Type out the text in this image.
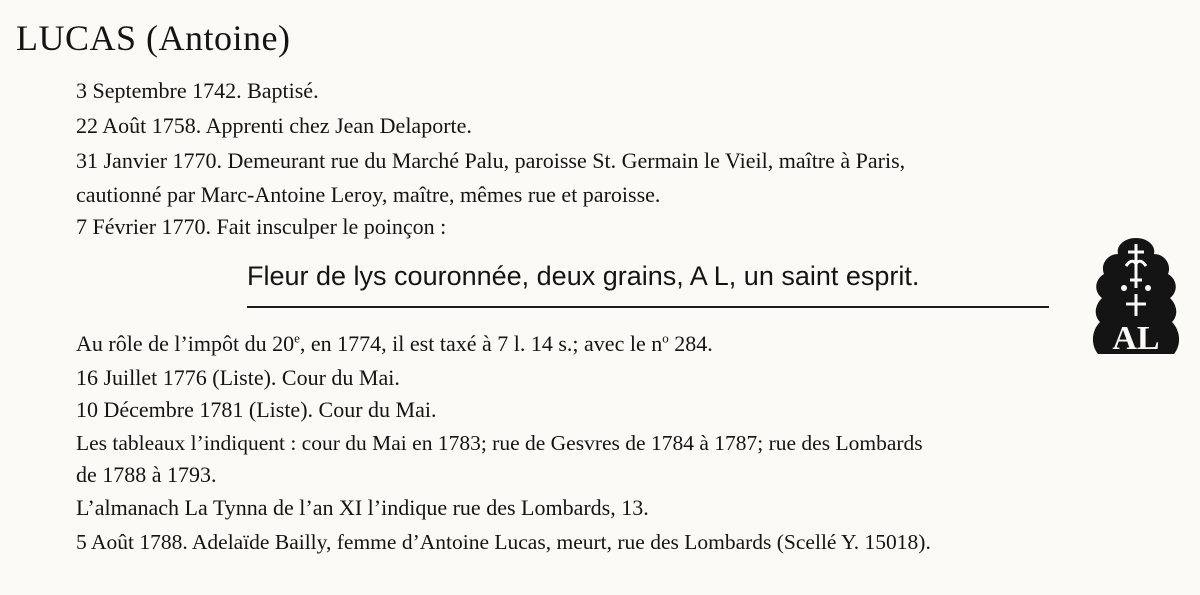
LUCAS (Antoine)
3 Septembre 1742. Baptisé.
22 Août 1758. Apprenti chez Jean Delaporte.
31 Janvier 1770. Demeurant rue du Marché Palu, paroisse St. Germain le Vieil, maître à Paris,
cautionné par Marc-Antoine Leroy, maître, mêmes rue et paroisse.
7 Février 1770. Fait insculper le poinçon :
Fleur de lys couronnée, deux grains, A L, un saint esprit.
AL
Au rôle de l’impôt du 20e, en 1774, il est taxé à 7 l. 14 s.; avec le $n^o$ 284.
16 Juillet 1776 (Liste). Cour du Mai.
10 Décembre 1781 (Liste). Cour du Mai.
Les tableaux l’indiquent : cour du Mai en 1783; rue de Gesvres de 1784 à 1787; rue des Lombards
de 1788 à 1793.
L’almanach La Tynna de l’an XI l’indique rue des Lombards, 13.
5 Août 1788. Adelaïde Bailly, femme d’Antoine Lucas, meurt, rue des Lombards (Scellé Y. 15018).
